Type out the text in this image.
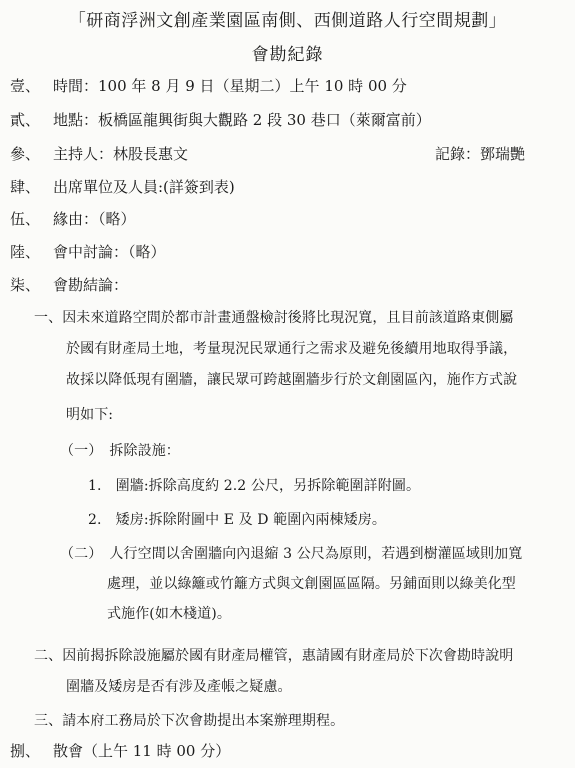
「研商浮洲文創產業園區南側、西側道路人行空間規劃」
會勘紀錄
壹、 時間：100 年 8 月 9 日（星期二）上午 10 時 00 分
貳、 地點：板橋區龍興街與大觀路 2 段 30 巷口（萊爾富前）
參、 主持人：林股長惠文	記錄：鄧瑞艷
肆、 出席單位及人員:(詳簽到表)
伍、 緣由：（略）
陸、 會中討論：（略）
柒、 會勘結論：
一、因未來道路空間於都市計畫通盤檢討後將比現況寬，且目前該道路東側屬
於國有財產局土地，考量現況民眾通行之需求及避免後續用地取得爭議，
故採以降低現有圍牆，讓民眾可跨越圍牆步行於文創園區內，施作方式說
明如下:
（一）　拆除設施：
1.　圍牆:拆除高度約 2.2 公尺，另拆除範圍詳附圖。
2.　矮房:拆除附圖中 E 及 D 範圍內兩棟矮房。
（二）　人行空間以舍圍牆向內退縮 3 公尺為原則，若遇到樹灌區域則加寬
處理，並以綠籬或竹籬方式與文創園區區隔。另鋪面則以綠美化型
式施作(如木棧道)。
二、因前揭拆除設施屬於國有財產局權管，惠請國有財產局於下次會勘時說明
圍牆及矮房是否有涉及產帳之疑慮。
三、請本府工務局於下次會勘提出本案辦理期程。
捌、 散會（上午 11 時 00 分）
